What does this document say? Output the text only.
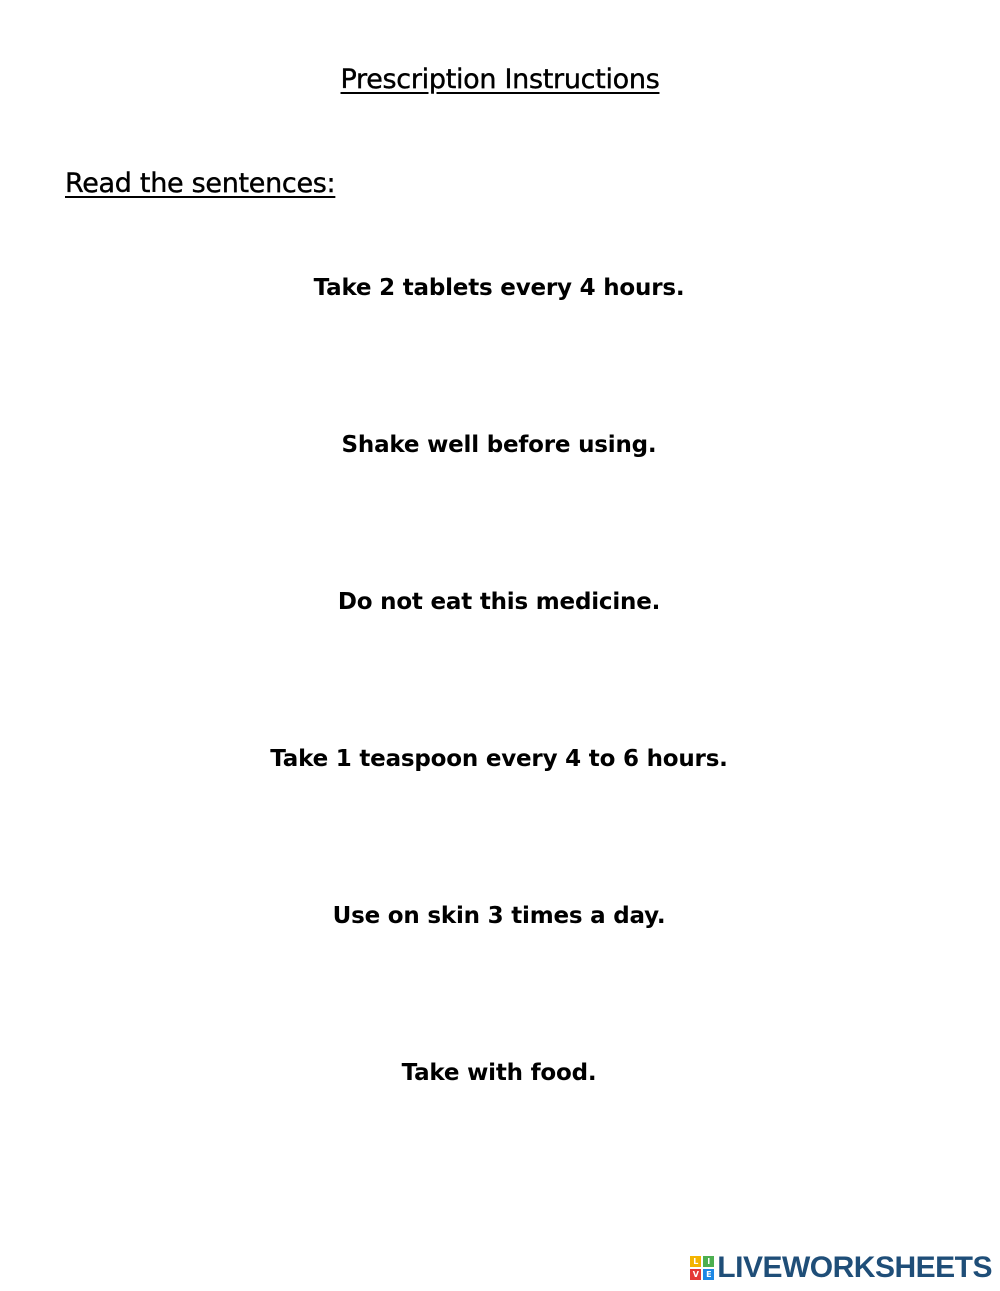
Prescription Instructions
Read the sentences:
Take 2 tablets every 4 hours.
Shake well before using.
Do not eat this medicine.
Take 1 teaspoon every 4 to 6 hours.
Use on skin 3 times a day.
Take with food.
L	I
V E LIVEWORKSHEETS
